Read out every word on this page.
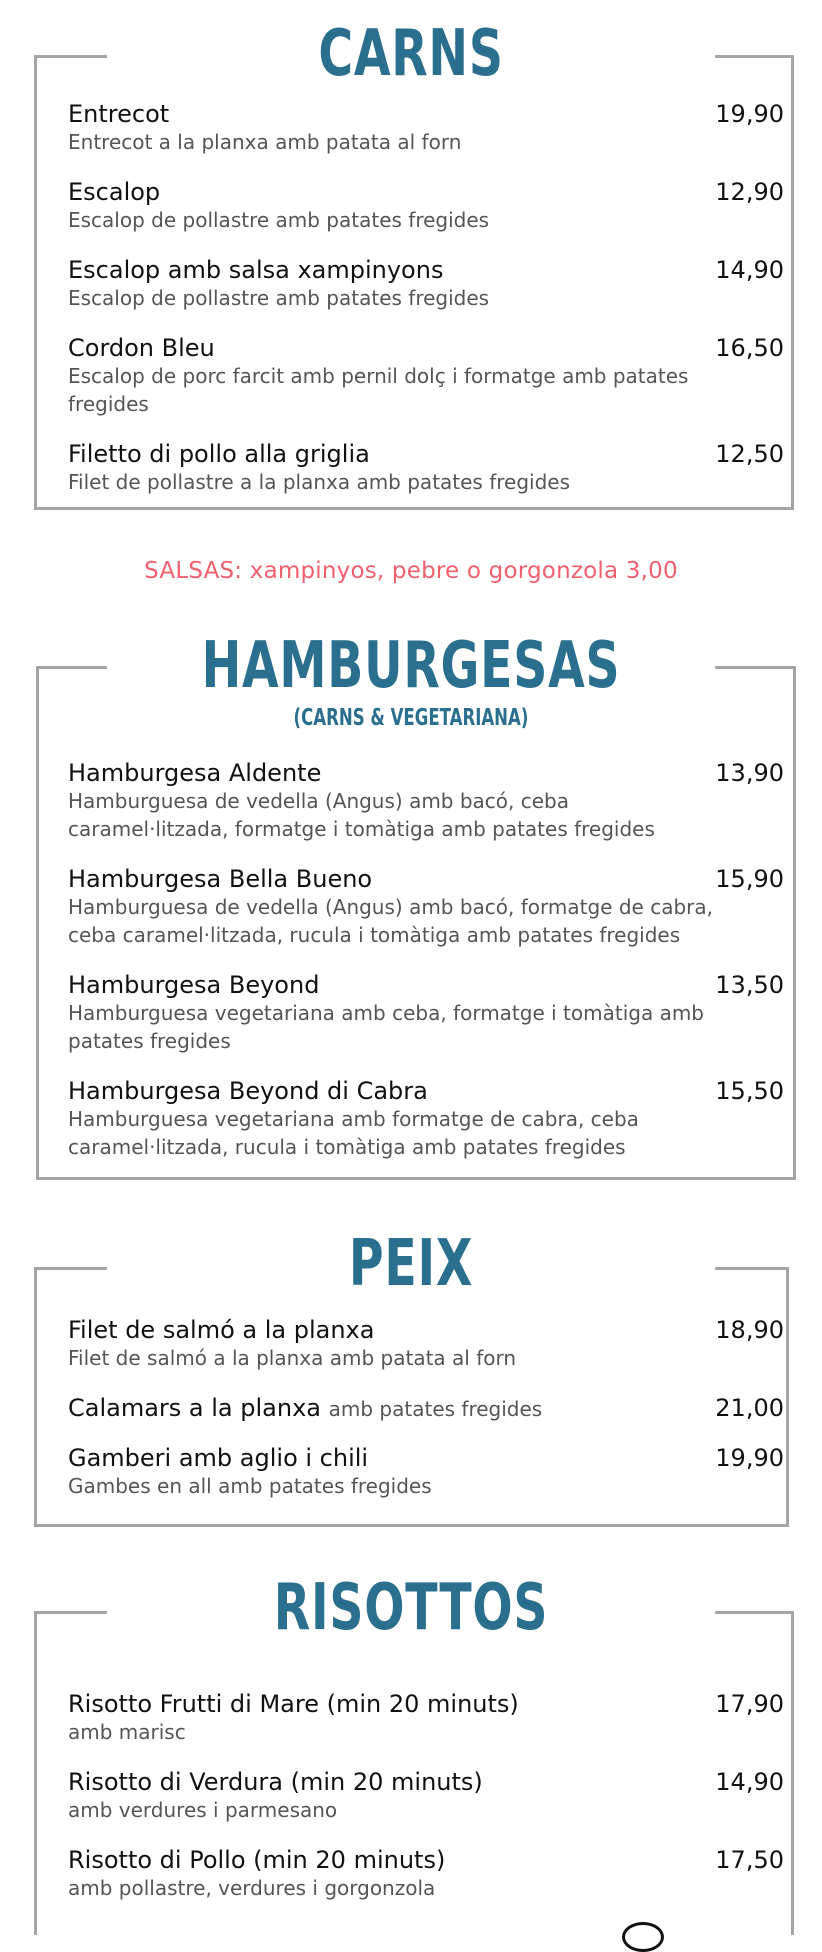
CARNS
Entrecot
Entrecot a la planxa amb patata al forn
19,90
Escalop
Escalop de pollastre amb patates fregides
12,90
Escalop amb salsa xampinyons
Escalop de pollastre amb patates fregides
14,90
Cordon Bleu
Escalop de porc farcit amb pernil dolç i formatge amb patates fregides
16,50
Filetto di pollo alla griglia
Filet de pollastre a la planxa amb patates fregides
12,50
SALSAS: xampinyos, pebre o gorgonzola 3,00
HAMBURGESAS
(CARNS & VEGETARIANA)
Hamburgesa Aldente
Hamburguesa de vedella (Angus) amb bacó, ceba caramel·litzada, formatge i tomàtiga amb patates fregides
13,90
Hamburgesa Bella Bueno
Hamburguesa de vedella (Angus) amb bacó, formatge de cabra, ceba caramel·litzada, rucula i tomàtiga amb patates fregides
15,90
Hamburgesa Beyond
Hamburguesa vegetariana amb ceba, formatge i tomàtiga amb patates fregides
13,50
Hamburgesa Beyond di Cabra
Hamburguesa vegetariana amb formatge de cabra, ceba caramel·litzada, rucula i tomàtiga amb patates fregides
15,50
PEIX
Filet de salmó a la planxa
Filet de salmó a la planxa amb patata al forn
18,90
Calamars a la planxa amb patates fregides	21,00
Gamberi amb aglio i chili
Gambes en all amb patates fregides
19,90
RISOTTOS
Risotto Frutti di Mare (min 20 minuts)
amb marisc
17,90
Risotto di Verdura (min 20 minuts)
amb verdures i parmesano
14,90
Risotto di Pollo (min 20 minuts)
amb pollastre, verdures i gorgonzola
17,50
